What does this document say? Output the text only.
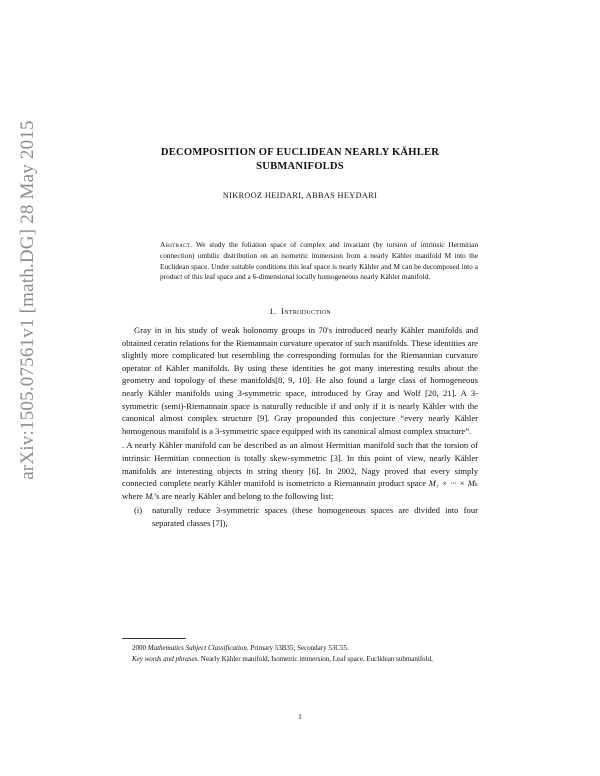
arXiv:1505.07561v1 [math.DG] 28 May 2015	DECOMPOSITION OF EUCLIDEAN NEARLY KÄHLER
SUBMANIFOLDS
NIKROOZ HEIDARI, ABBAS HEYDARI
Abstract. We study the foliation space of complex and invariant (by torsion of intrinsic Hermitian connection) umbilic distribution on an isometric immersion from a nearly Kähler manifold M into the Euclidean space. Under suitable conditions this leaf space is nearly Kähler and M can be decomposed into a product of this leaf space and a 6-dimensional locally homogeneous nearly Kähler manifold.
1. Introduction

Gray in in his study of weak holonomy groups in 70's introduced nearly Kähler manifolds and obtained ceratin relations for the Riemannain curvature operator of such manifolds. These identities are slightly more complicated but resembling the corresponding formulas for the Riemannian curvature operator of Kähler manifolds. By using these identities he got many interesting results about the geometry and topology of these manifolds[8, 9, 10]. He also found a large class of homogeneous nearly Kähler manifolds using 3-symmetric space, introduced by Gray and Wolf [20, 21]. A 3-symmetric (semi)-Riemannain space is naturally reducible if and only if it is nearly Kähler with the canonical almost complex structure [9]. Gray propounded this conjecture “every nearly Kähler homogenous manifold is a 3-symmetric space equipped with its canonical almost complex structure”.

. A nearly Kähler manifold can be described as an almost Hermitian manifold such that the torsion of intrinsic Hermitian connection is totally skew-symmetric [3]. In this point of view, nearly Kähler manifolds are interesting objects in string theory [6]. In 2002, Nagy proved that every simply connected complete nearly Kähler manifold is isometricto a Riemannain product space M₁ × ··· × Mₖ where Mᵢ’s are nearly Kähler and belong to the following list:

(i) naturally reduce 3-symmetric spaces (these homogeneous spaces are divided into four separated classes [7]),

2000 Mathematics Subject Classification. Primary 53B35; Secondary 53C55.

Key words and phrases. Nearly Kähler manifold, Isometric immersion, Leaf space, Euclidean submanifold,

1
